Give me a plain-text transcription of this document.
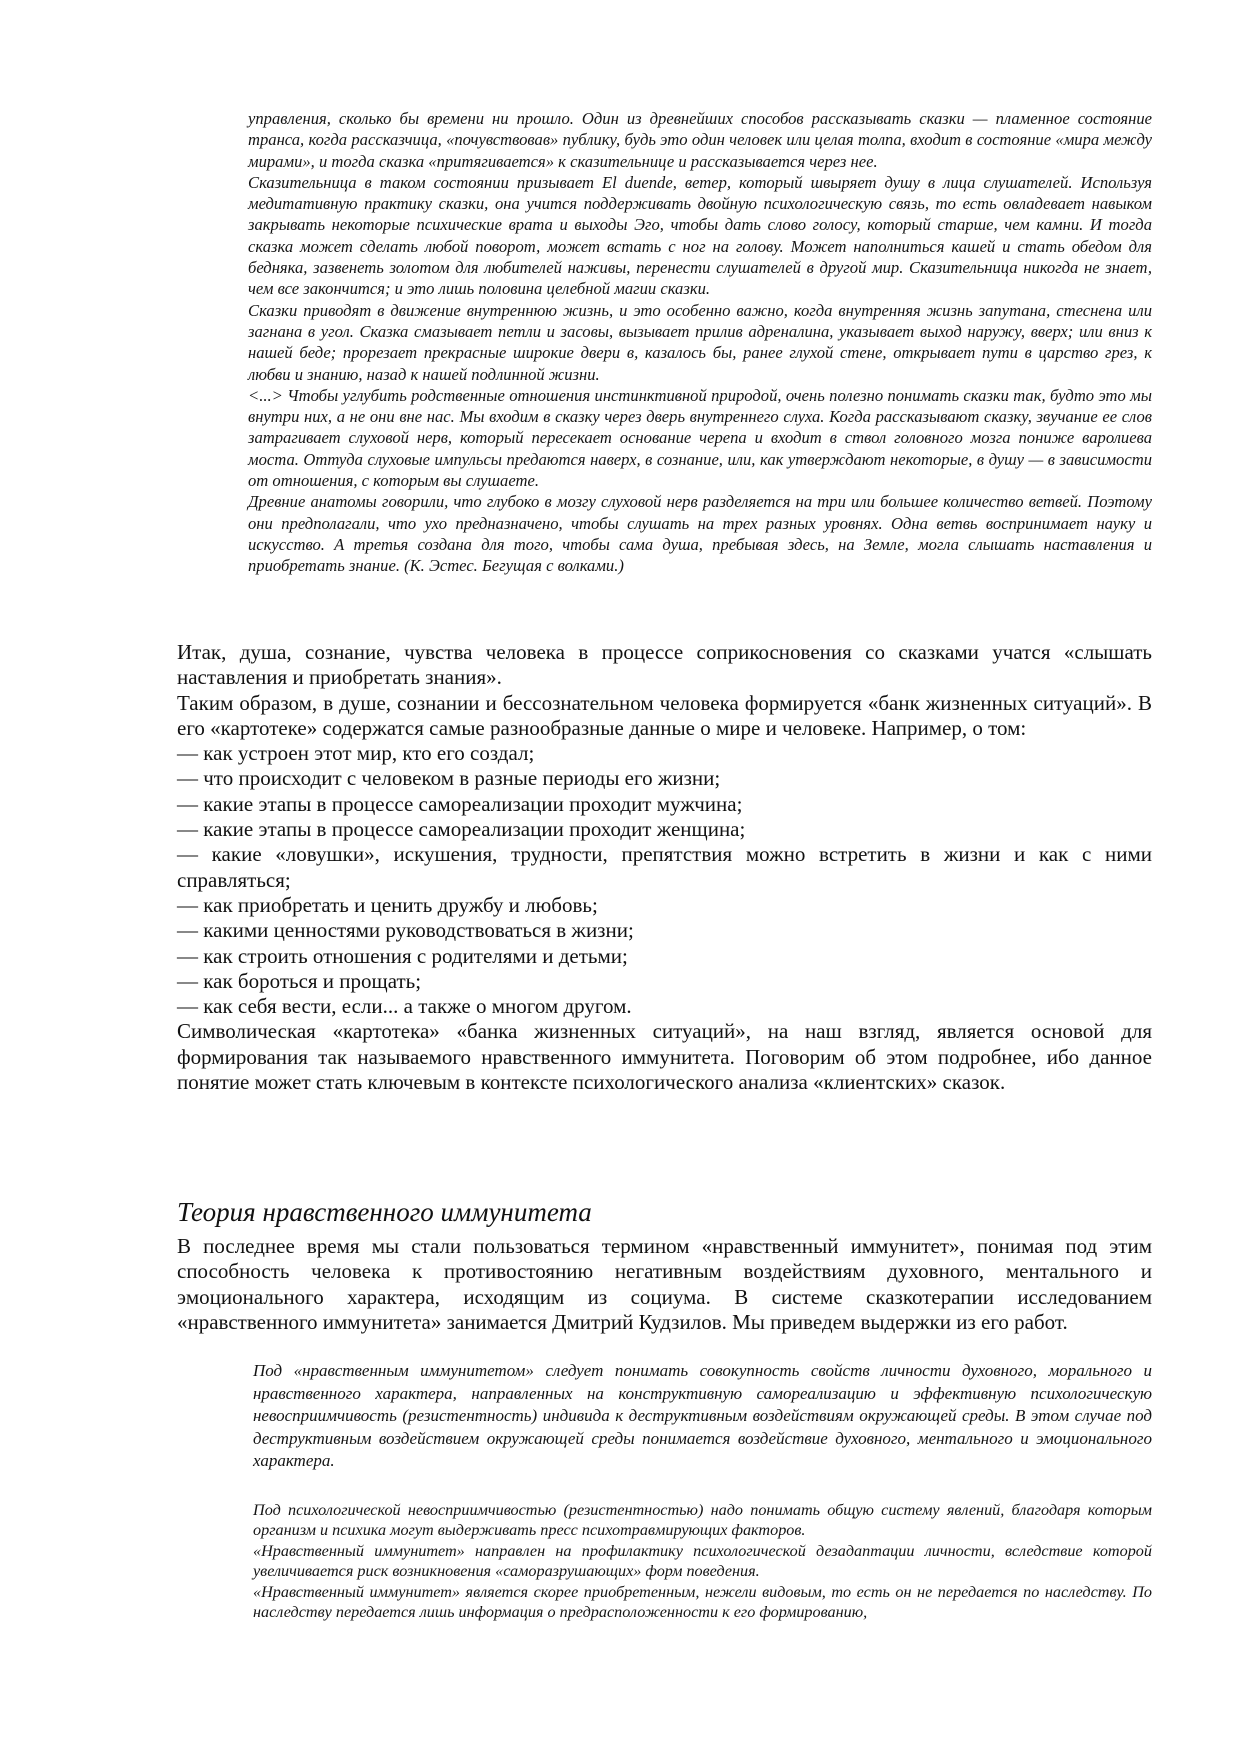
управления, сколько бы времени ни прошло. Один из древнейших способов рассказывать сказки — пламенное состояние транса, когда рассказчица, «почувствовав» публику, будь это один человек или целая толпа, входит в состояние «мира между мирами», и тогда сказка «притягивается» к сказительнице и рассказывается через нее.

Сказительница в таком состоянии призывает El duende, ветер, который швыряет душу в лица слушателей. Используя медитативную практику сказки, она учится поддерживать двойную психологическую связь, то есть овладевает навыком закрывать некоторые психические врата и выходы Эго, чтобы дать слово голосу, который старше, чем камни. И тогда сказка может сделать любой поворот, может встать с ног на голову. Может наполниться кашей и стать обедом для бедняка, зазвенеть золотом для любителей наживы, перенести слушателей в другой мир. Сказительница никогда не знает, чем все закончится; и это лишь половина целебной магии сказки.

Сказки приводят в движение внутреннюю жизнь, и это особенно важно, когда внутренняя жизнь запутана, стеснена или загнана в угол. Сказка смазывает петли и засовы, вызывает прилив адреналина, указывает выход наружу, вверх; или вниз к нашей беде; прорезает прекрасные широкие двери в, казалось бы, ранее глухой стене, открывает пути в царство грез, к любви и знанию, назад к нашей подлинной жизни.

<...> Чтобы углубить родственные отношения инстинктивной природой, очень полезно понимать сказки так, будто это мы внутри них, а не они вне нас. Мы входим в сказку через дверь внутреннего слуха. Когда рассказывают сказку, звучание ее слов затрагивает слуховой нерв, который пересекает основание черепа и входит в ствол головного мозга пониже варолиева моста. Оттуда слуховые импульсы предаются наверх, в сознание, или, как утверждают некоторые, в душу — в зависимости от отношения, с которым вы слушаете.

Древние анатомы говорили, что глубоко в мозгу слуховой нерв разделяется на три или большее количество ветвей. Поэтому они предполагали, что ухо предназначено, чтобы слушать на трех разных уровнях. Одна ветвь воспринимает науку и искусство. А третья создана для того, чтобы сама душа, пребывая здесь, на Земле, могла слышать наставления и приобретать знание. (К. Эстес. Бегущая с волками.)

Итак, душа, сознание, чувства человека в процессе соприкосновения со сказками учатся «слышать наставления и приобретать знания».

Таким образом, в душе, сознании и бессознательном человека формируется «банк жизненных ситуаций». В его «картотеке» содержатся самые разнообразные данные о мире и человеке. Например, о том:

— как устроен этот мир, кто его создал;

— что происходит с человеком в разные периоды его жизни;

— какие этапы в процессе самореализации проходит мужчина;

— какие этапы в процессе самореализации проходит женщина;

— какие «ловушки», искушения, трудности, препятствия можно встретить в жизни и как с ними справляться;

— как приобретать и ценить дружбу и любовь;

— какими ценностями руководствоваться в жизни;

— как строить отношения с родителями и детьми;

— как бороться и прощать;

— как себя вести, если... а также о многом другом.

Символическая «картотека» «банка жизненных ситуаций», на наш взгляд, является основой для формирования так называемого нравственного иммунитета. Поговорим об этом подробнее, ибо данное понятие может стать ключевым в контексте психологического анализа «клиентских» сказок.

Теория нравственного иммунитета

В последнее время мы стали пользоваться термином «нравственный иммунитет», понимая под этим способность человека к противостоянию негативным воздействиям духовного, ментального и эмоционального характера, исходящим из социума. В системе сказкотерапии исследованием «нравственного иммунитета» занимается Дмитрий Кудзилов. Мы приведем выдержки из его работ.

Под «нравственным иммунитетом» следует понимать совокупность свойств личности духовного, морального и нравственного характера, направленных на конструктивную самореализацию и эффективную психологическую невосприимчивость (резистентность) индивида к деструктивным воздействиям окружающей среды. В этом случае под деструктивным воздействием окружающей среды понимается воздействие духовного, ментального и эмоционального характера.

Под психологической невосприимчивостью (резистентностью) надо понимать общую систему явлений, благодаря которым организм и психика могут выдерживать пресс психотравмирующих факторов.

«Нравственный иммунитет» направлен на профилактику психологической дезадаптации личности, вследствие которой увеличивается риск возникновения «саморазрушающих» форм поведения.

«Нравственный иммунитет» является скорее приобретенным, нежели видовым, то есть он не передается по наследству. По наследству передается лишь информация о предрасположенности к его формированию,
